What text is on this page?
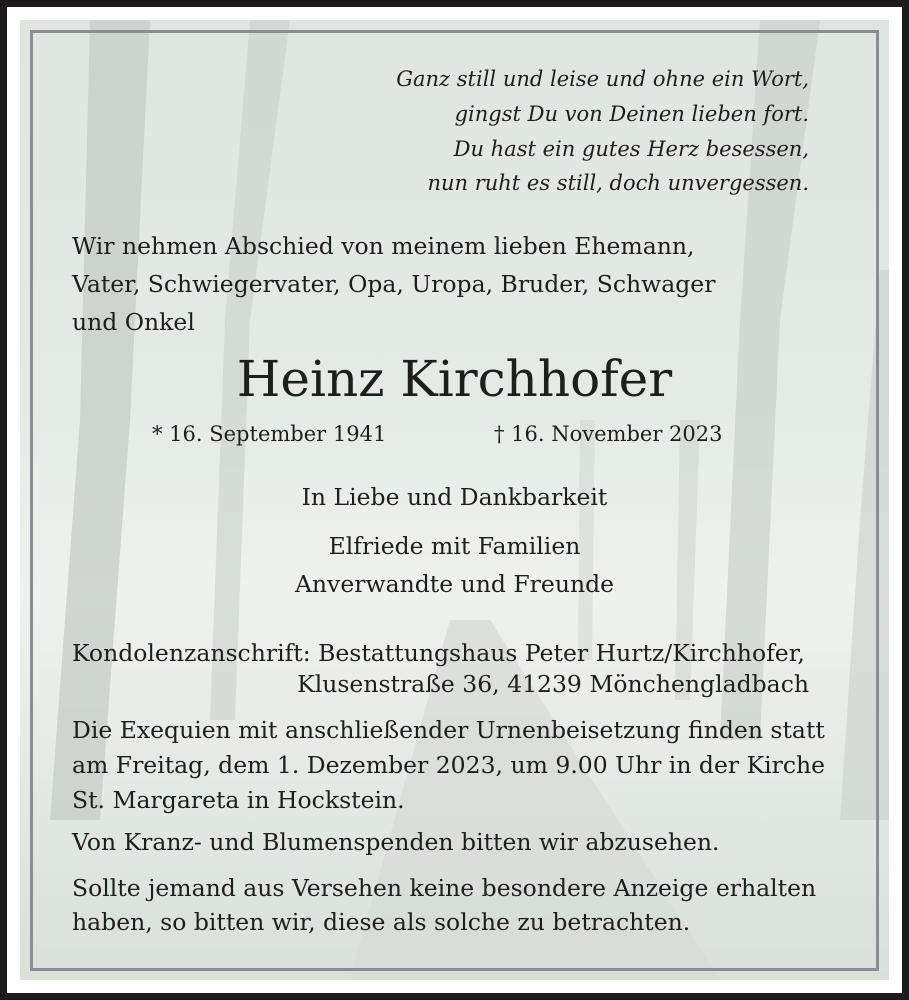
Ganz still und leise und ohne ein Wort,
gingst Du von Deinen lieben fort.
Du hast ein gutes Herz besessen,
nun ruht es still, doch unvergessen.
Wir nehmen Abschied von meinem lieben Ehemann,
Vater, Schwiegervater, Opa, Uropa, Bruder, Schwager
und Onkel
Heinz Kirchhofer
* 16. September 1941	† 16. November 2023
In Liebe und Dankbarkeit
Elfriede mit Familien
Anverwandte und Freunde
Kondolenzanschrift: Bestattungshaus Peter Hurtz/Kirchhofer,
Klusenstraße 36, 41239 Mönchengladbach
Die Exequien mit anschließender Urnenbeisetzung finden statt
am Freitag, dem 1. Dezember 2023, um 9.00 Uhr in der Kirche
St. Margareta in Hockstein.
Von Kranz- und Blumenspenden bitten wir abzusehen.
Sollte jemand aus Versehen keine besondere Anzeige erhalten
haben, so bitten wir, diese als solche zu betrachten.
